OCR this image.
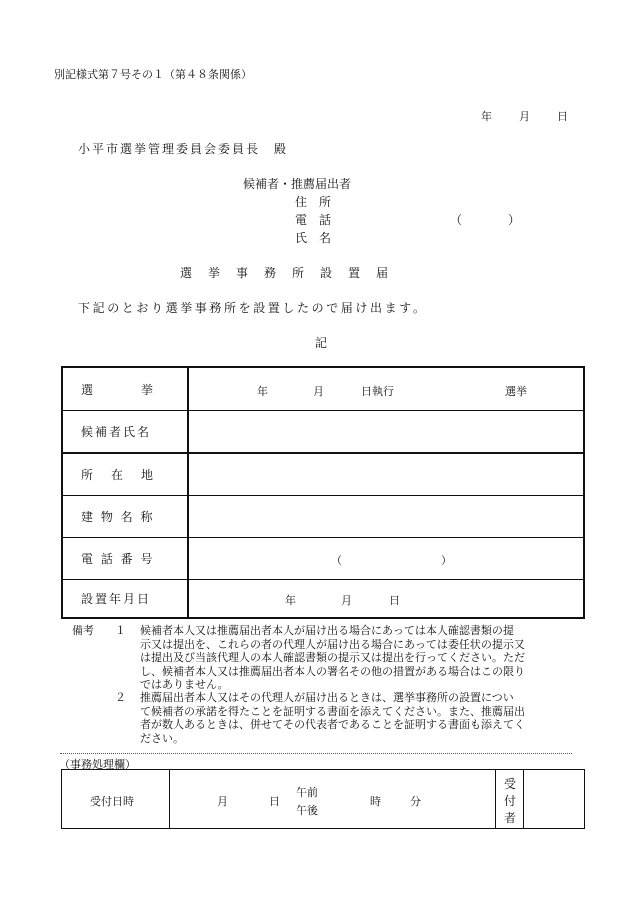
別記様式第７号その１（第４８条関係）
年 月 日
小平市選挙管理委員会委員長　殿
候補者・推薦届出者
住　所
電　話	（	）
氏　名
選　挙　事　務　所　設　置　届
下記のとおり選挙事務所を設置したので届け出ます。
記
選　　　　挙	年	月	日執行	選挙
候補者氏名
所　在　地
建 物 名 称
電 話 番 号	（	）
設置年月日	年	月	日
備考 １ 候補者本人又は推薦届出者本人が届け出る場合にあっては本人確認書類の提
示又は提出を、これらの者の代理人が届け出る場合にあっては委任状の提示又
は提出及び当該代理人の本人確認書類の提示又は提出を行ってください。ただ
し、候補者本人又は推薦届出者本人の署名その他の措置がある場合はこの限り
ではありません。
２ 推薦届出者本人又はその代理人が届け出るときは、選挙事務所の設置につい
て候補者の承諾を得たことを証明する書面を添えてください。また、推薦届出
者が数人あるときは、併せてその代表者であることを証明する書面も添えてく
ださい。
（事務処理欄）
受付日時	月	日
午前
午後
時	分
受
付
者
